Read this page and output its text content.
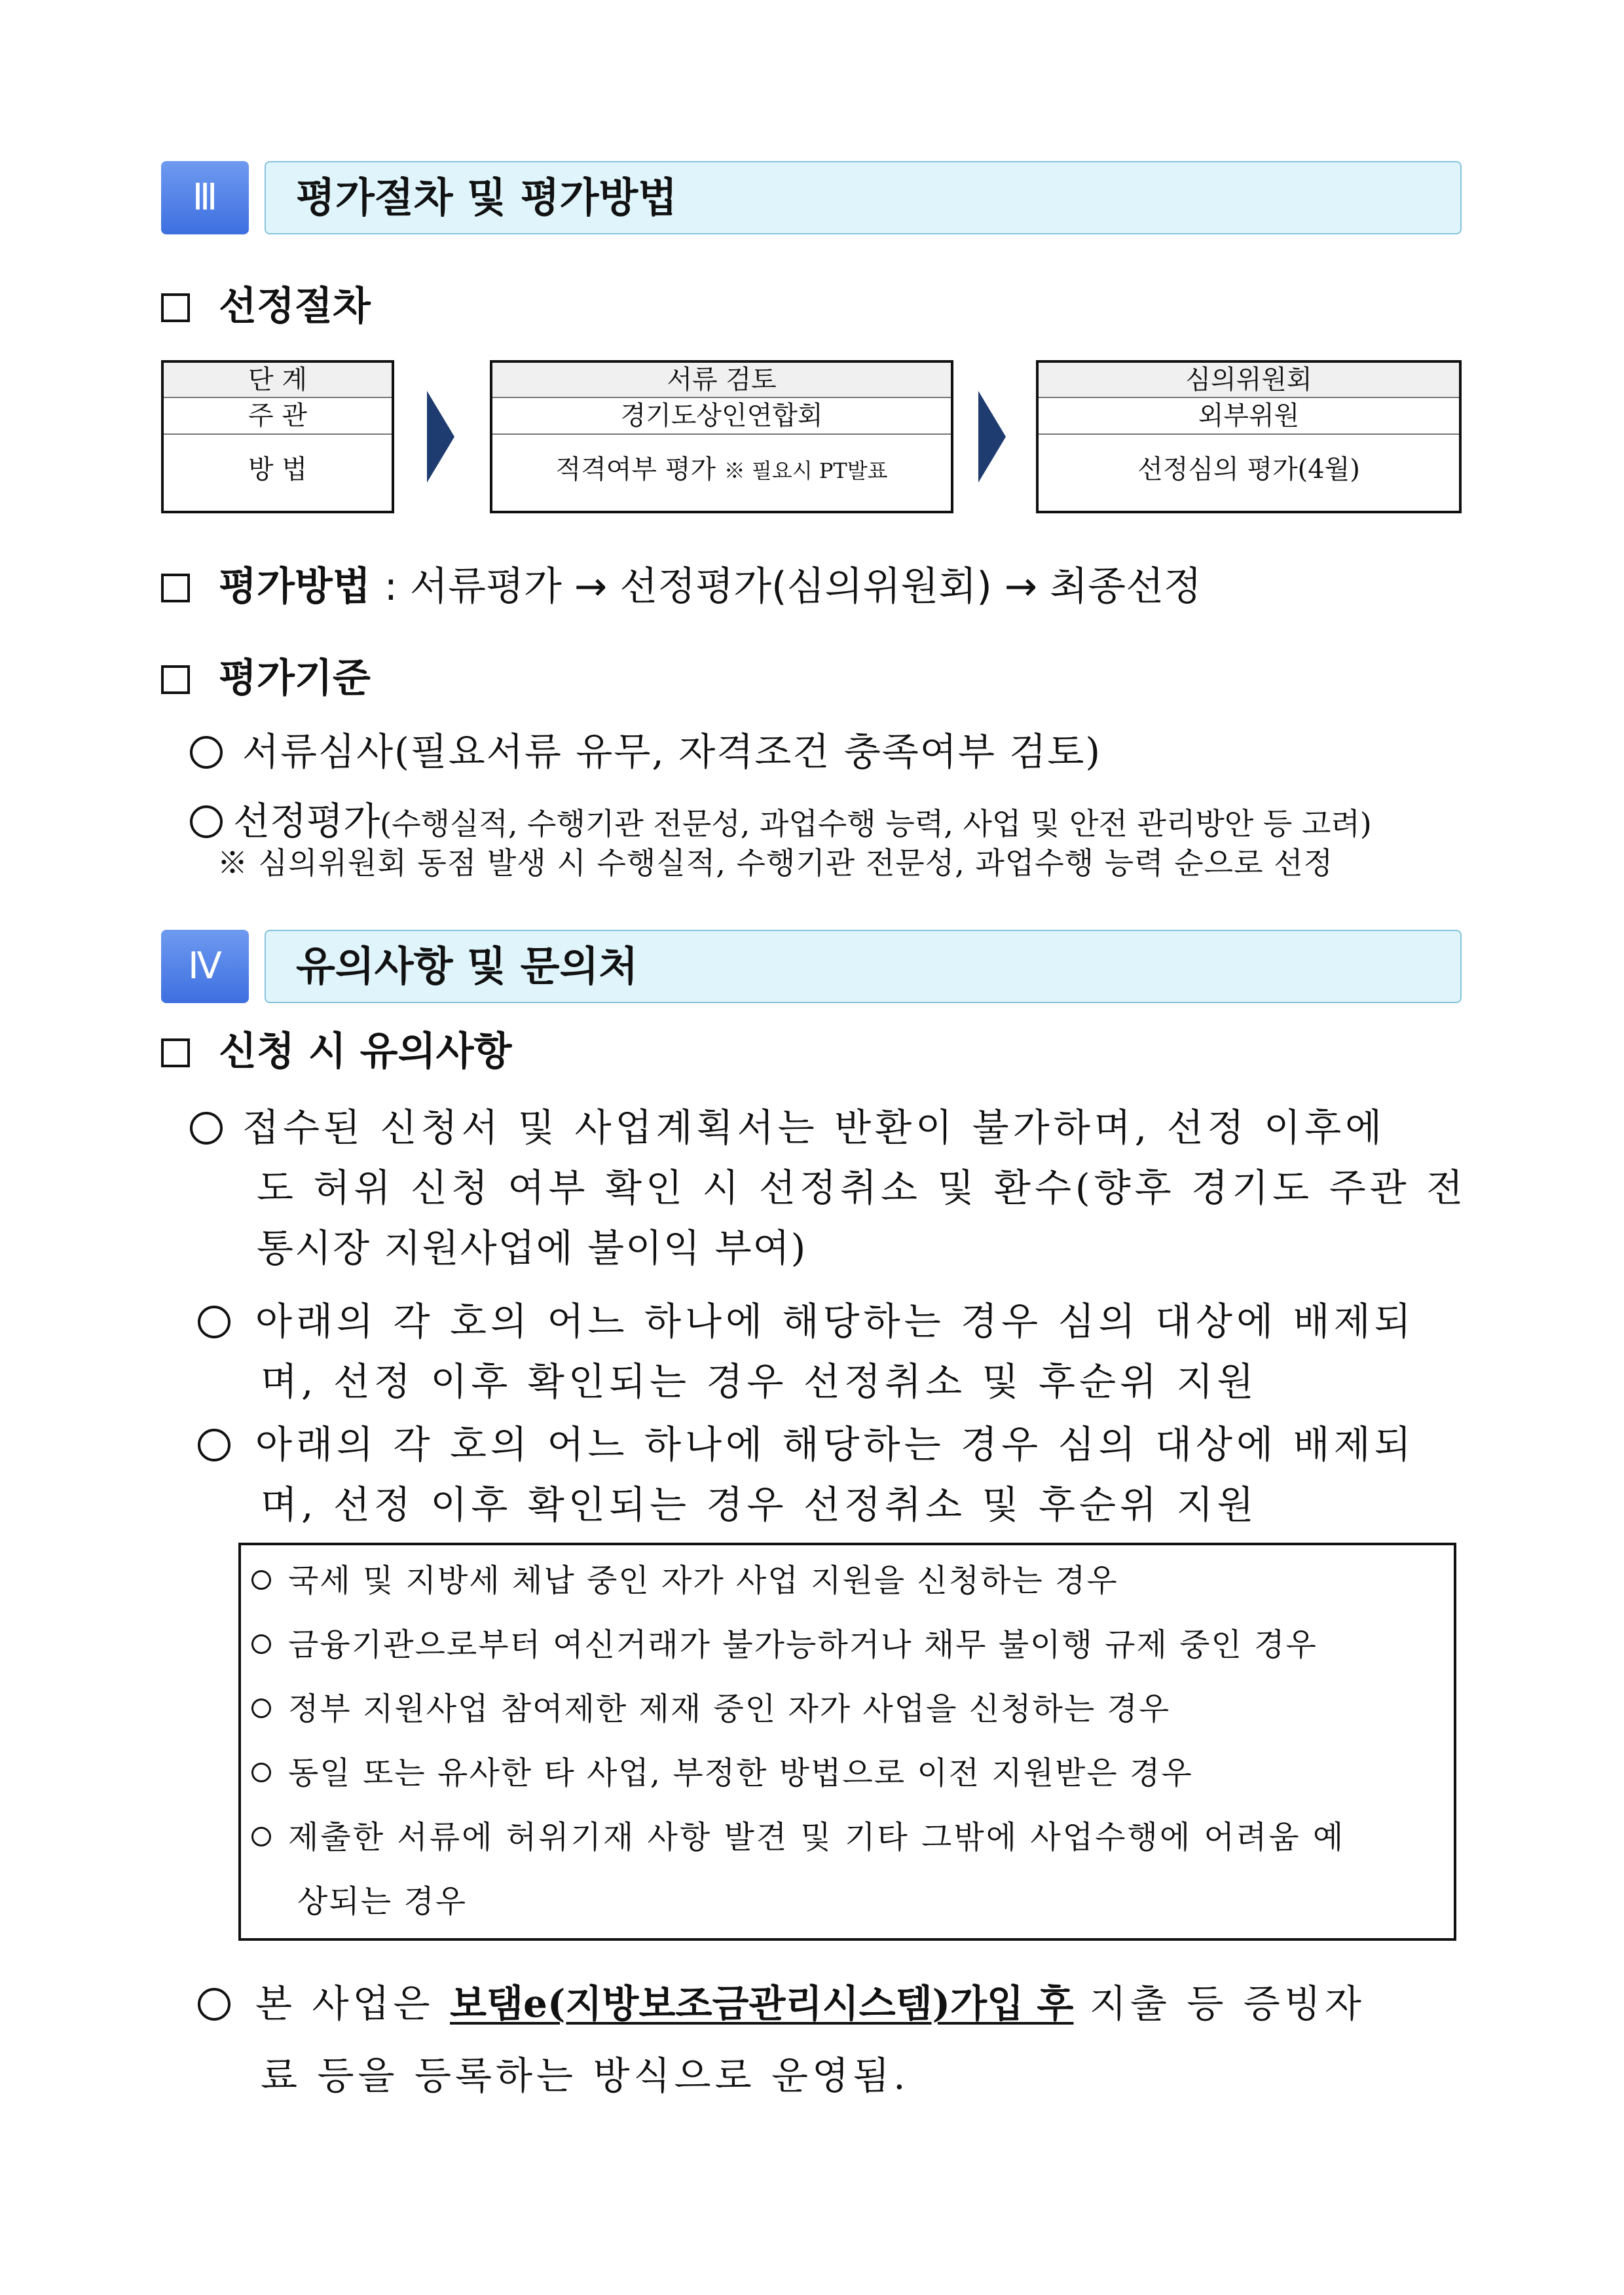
Ⅲ	평가절차 및 평가방법
선정절차
단 계
주 관
방 법
서류 검토
경기도상인연합회
적격여부 평가 ※ 필요시 PT발표
심의위원회
외부위원
선정심의 평가(4월)
평가방법 : 서류평가 → 선정평가(심의위원회) → 최종선정
평가기준
서류심사(필요서류 유무, 자격조건 충족여부 검토)
선정평가(수행실적, 수행기관 전문성, 과업수행 능력, 사업 및 안전 관리방안 등 고려)
※ 심의위원회 동점 발생 시 수행실적, 수행기관 전문성, 과업수행 능력 순으로 선정
Ⅳ	유의사항 및 문의처
신청 시 유의사항
접수된 신청서 및 사업계획서는 반환이 불가하며, 선정 이후에
도 허위 신청 여부 확인 시 선정취소 및 환수(향후 경기도 주관 전
통시장 지원사업에 불이익 부여)
아래의 각 호의 어느 하나에 해당하는 경우 심의 대상에 배제되
며, 선정 이후 확인되는 경우 선정취소 및 후순위 지원
아래의 각 호의 어느 하나에 해당하는 경우 심의 대상에 배제되
며, 선정 이후 확인되는 경우 선정취소 및 후순위 지원
국세 및 지방세 체납 중인 자가 사업 지원을 신청하는 경우
금융기관으로부터 여신거래가 불가능하거나 채무 불이행 규제 중인 경우
정부 지원사업 참여제한 제재 중인 자가 사업을 신청하는 경우
동일 또는 유사한 타 사업, 부정한 방법으로 이전 지원받은 경우
제출한 서류에 허위기재 사항 발견 및 기타 그밖에 사업수행에 어려움 예
상되는 경우
본 사업은 보탬e(지방보조금관리시스템)가입 후 지출 등 증빙자
료 등을 등록하는 방식으로 운영됨.
